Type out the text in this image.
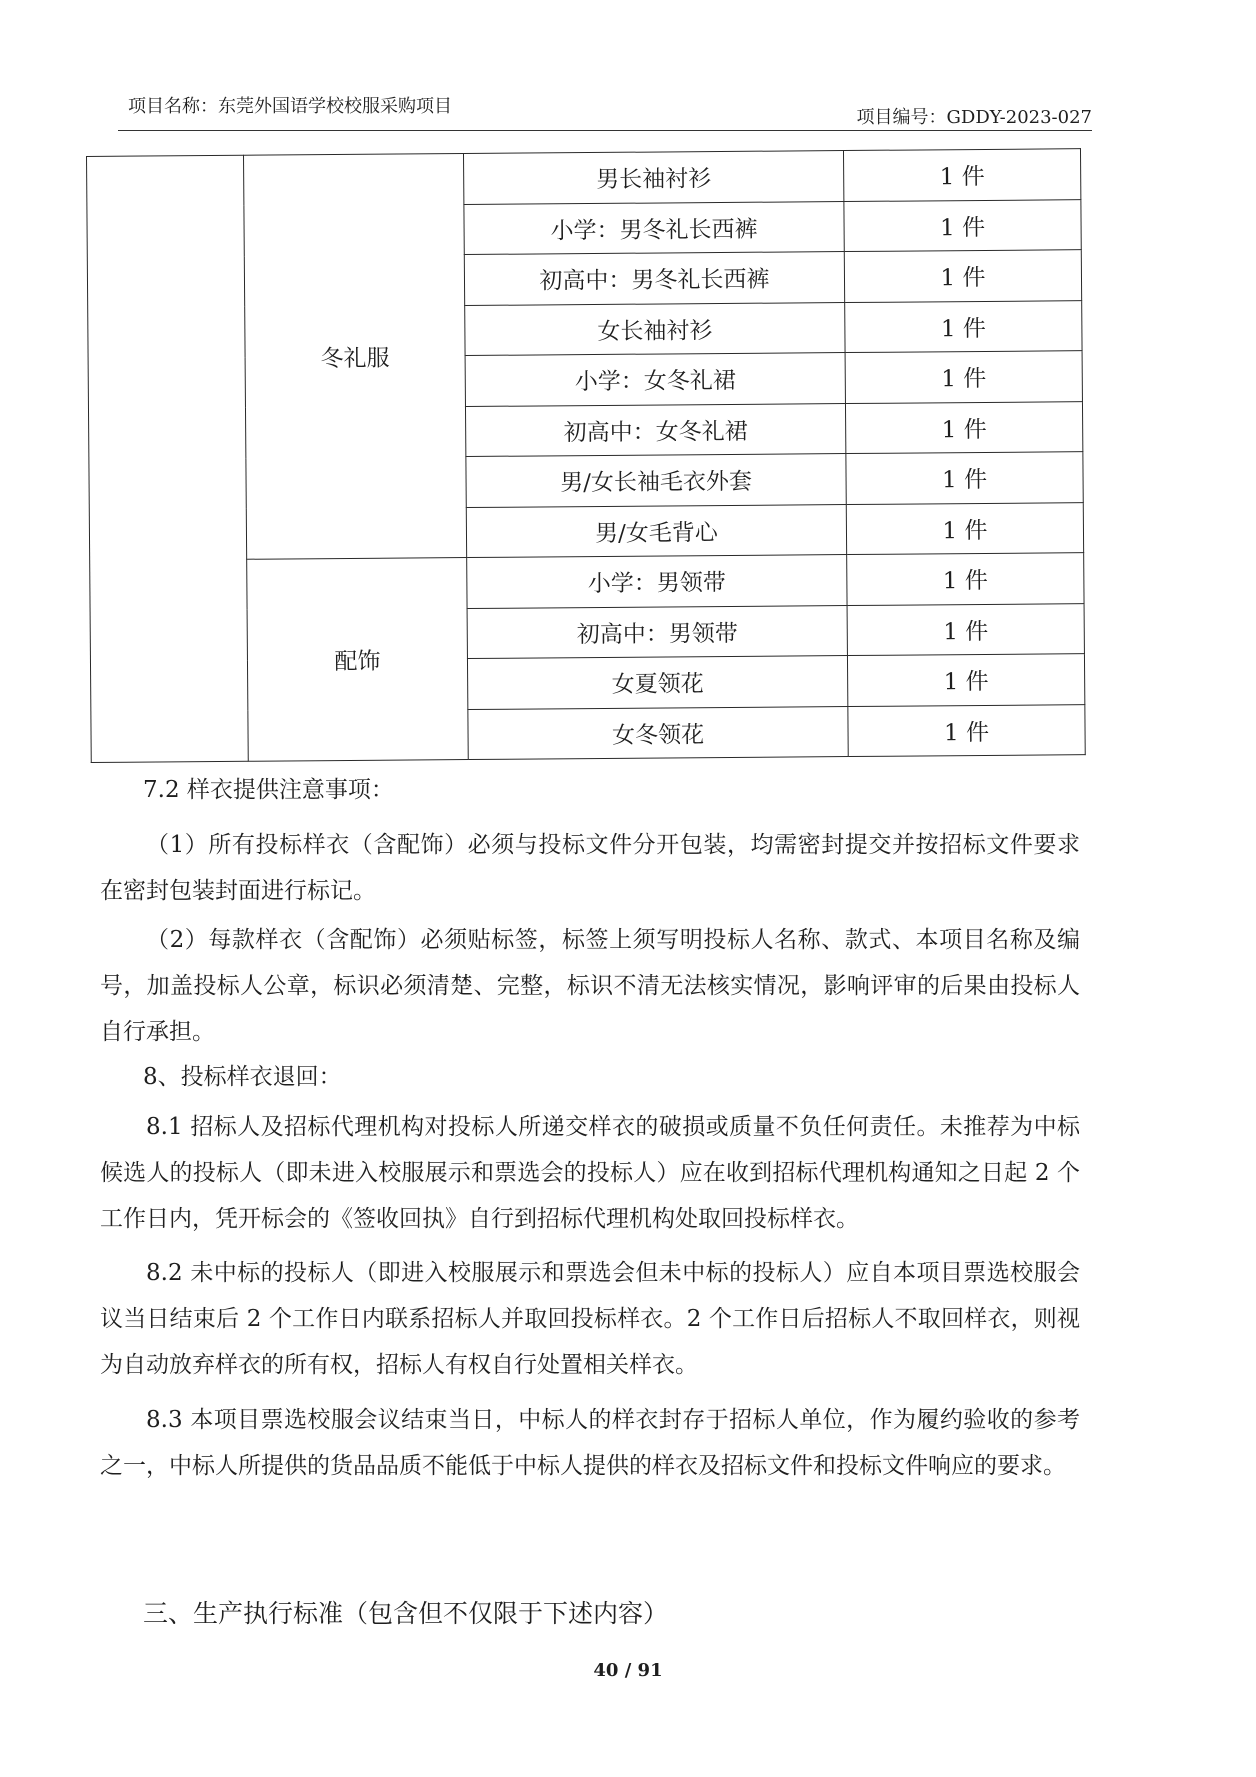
项目名称：东莞外国语学校校服采购项目
项目编号：GDDY-2023-027
	冬礼服	男长袖衬衫	1 件
		小学：男冬礼长西裤	1 件
		初高中：男冬礼长西裤	1 件
		女长袖衬衫	1 件
		小学：女冬礼裙	1 件
		初高中：女冬礼裙	1 件
		男/女长袖毛衣外套	1 件
		男/女毛背心	1 件
	配饰	小学：男领带	1 件
		初高中：男领带	1 件
		女夏领花	1 件
		女冬领花	1 件
7.2 样衣提供注意事项：
（1）所有投标样衣（含配饰）必须与投标文件分开包装，均需密封提交并按招标文件要求在密封包装封面进行标记。
（2）每款样衣（含配饰）必须贴标签，标签上须写明投标人名称、款式、本项目名称及编号，加盖投标人公章，标识必须清楚、完整，标识不清无法核实情况，影响评审的后果由投标人自行承担。
8、投标样衣退回：
8.1 招标人及招标代理机构对投标人所递交样衣的破损或质量不负任何责任。未推荐为中标候选人的投标人（即未进入校服展示和票选会的投标人）应在收到招标代理机构通知之日起 2 个工作日内，凭开标会的《签收回执》自行到招标代理机构处取回投标样衣。
8.2 未中标的投标人（即进入校服展示和票选会但未中标的投标人）应自本项目票选校服会议当日结束后 2 个工作日内联系招标人并取回投标样衣。2 个工作日后招标人不取回样衣，则视为自动放弃样衣的所有权，招标人有权自行处置相关样衣。
8.3 本项目票选校服会议结束当日，中标人的样衣封存于招标人单位，作为履约验收的参考之一，中标人所提供的货品品质不能低于中标人提供的样衣及招标文件和投标文件响应的要求。
三、生产执行标准（包含但不仅限于下述内容）
40 / 91
